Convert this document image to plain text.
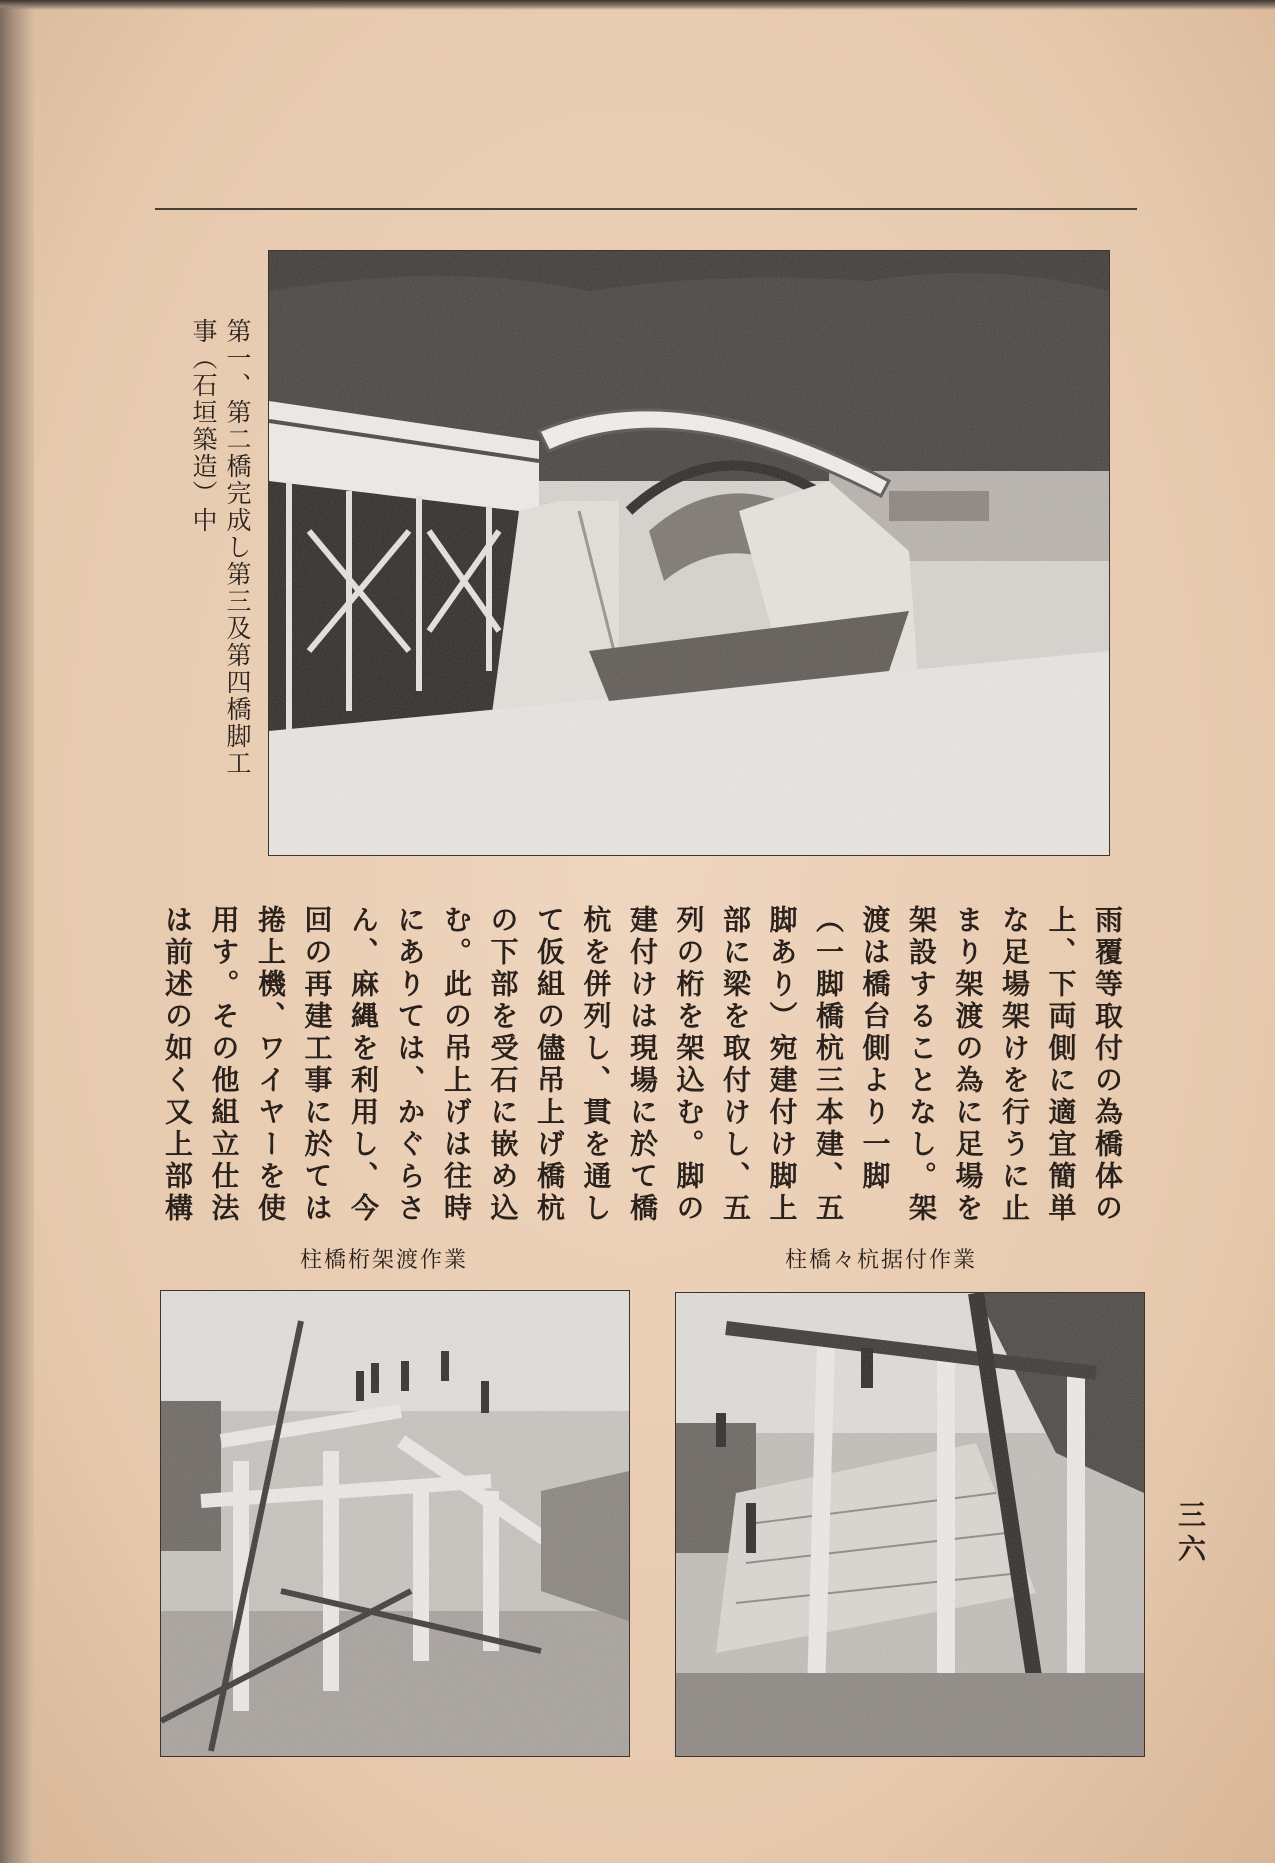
第一、第二橋完成し第三及第四橋脚工事（石垣築造）中
雨覆等取付の為橋体の上、下両側に適宜簡単な足場架けを行うに止まり架渡の為に足場を架設することなし。架渡は橋台側より一脚（一脚橋杭三本建、五脚あり）宛建付け脚上部に梁を取付けし、五列の桁を架込む。脚の建付けは現場に於て橋杭を併列し、貫を通して仮組の儘吊上げ橋杭の下部を受石に嵌め込む。此の吊上げは往時にありては、かぐらさん、麻縄を利用し、今回の再建工事に於ては捲上機、ワイヤーを使用す。その他組立仕法は前述の如く又上部構
柱橋桁架渡作業	柱橋々杭据付作業
三六
